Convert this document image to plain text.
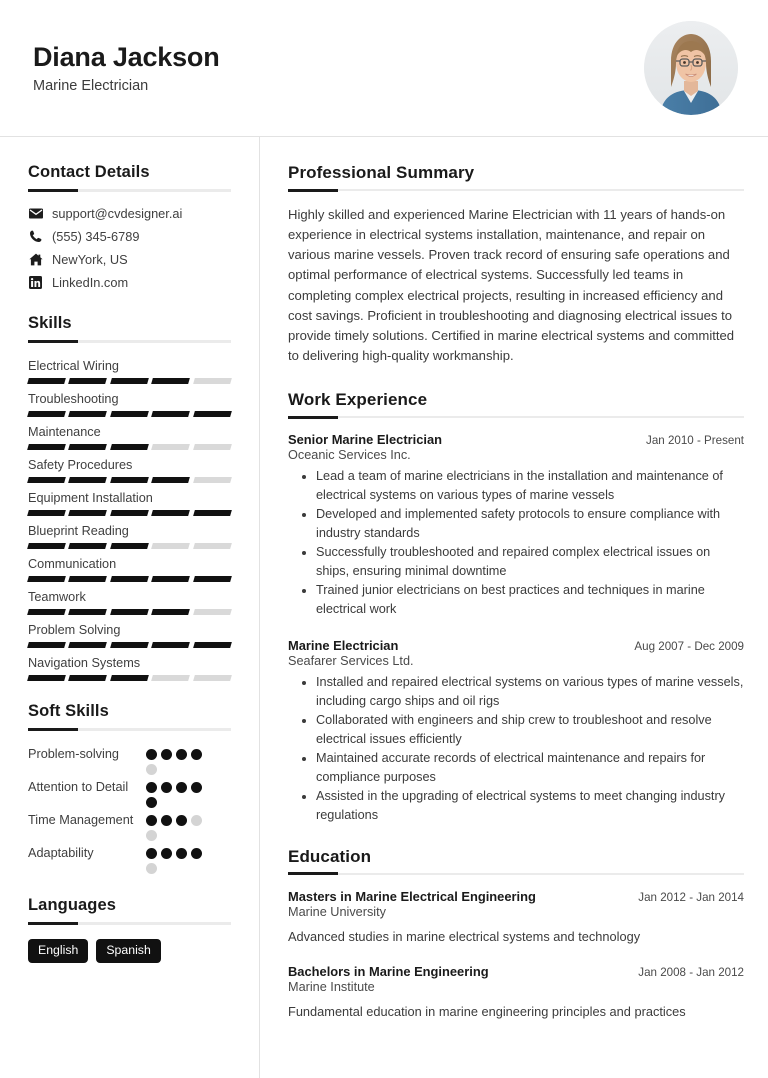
Diana Jackson
Marine Electrician
Contact Details
support@cvdesigner.ai
(555) 345-6789
NewYork, US
LinkedIn.com
Skills
Electrical Wiring
Troubleshooting
Maintenance
Safety Procedures
Equipment Installation
Blueprint Reading
Communication
Teamwork
Problem Solving
Navigation Systems
Soft Skills
Problem-solving
Attention to Detail
Time Management
Adaptability
Languages
English	Spanish
Professional Summary
Highly skilled and experienced Marine Electrician with 11 years of hands-on experience in electrical systems installation, maintenance, and repair on various marine vessels. Proven track record of ensuring safe operations and optimal performance of electrical systems. Successfully led teams in completing complex electrical projects, resulting in increased efficiency and cost savings. Proficient in troubleshooting and diagnosing electrical issues to provide timely solutions. Certified in marine electrical systems and committed to delivering high-quality workmanship.
Work Experience
Senior Marine Electrician	Jan 2010 - Present
Oceanic Services Inc.
• Lead a team of marine electricians in the installation and maintenance of electrical systems on various types of marine vessels
• Developed and implemented safety protocols to ensure compliance with industry standards
• Successfully troubleshooted and repaired complex electrical issues on ships, ensuring minimal downtime
• Trained junior electricians on best practices and techniques in marine electrical work
Marine Electrician	Aug 2007 - Dec 2009
Seafarer Services Ltd.
• Installed and repaired electrical systems on various types of marine vessels, including cargo ships and oil rigs
• Collaborated with engineers and ship crew to troubleshoot and resolve electrical issues efficiently
• Maintained accurate records of electrical maintenance and repairs for compliance purposes
• Assisted in the upgrading of electrical systems to meet changing industry regulations
Education
Masters in Marine Electrical Engineering	Jan 2012 - Jan 2014
Marine University
Advanced studies in marine electrical systems and technology
Bachelors in Marine Engineering	Jan 2008 - Jan 2012
Marine Institute
Fundamental education in marine engineering principles and practices
